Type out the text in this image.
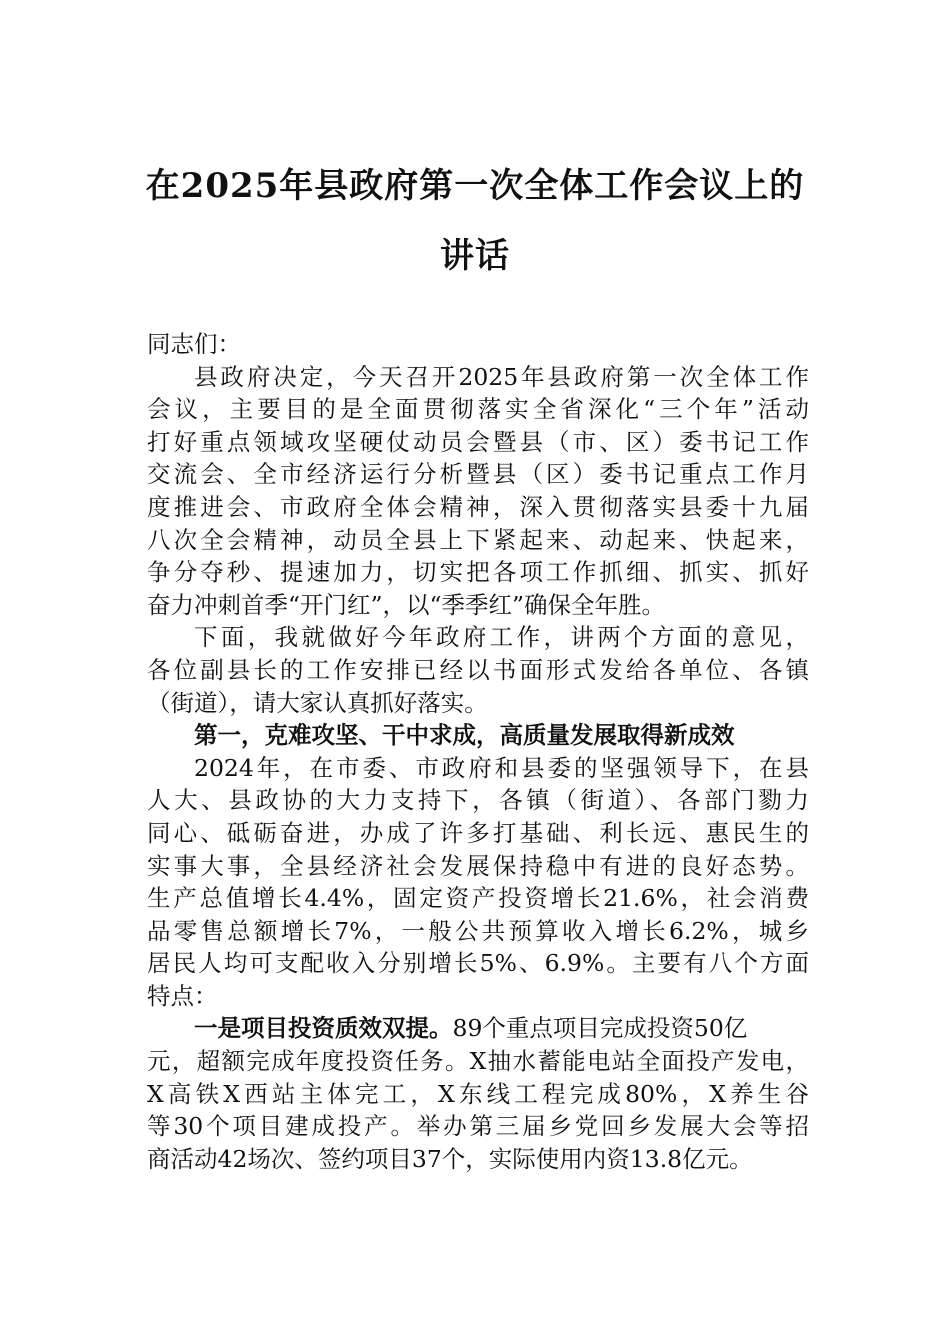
在2025年县政府第一次全体工作会议上的
讲话
同志们：
县政府决定，今天召开2025年县政府第一次全体工作
会议，主要目的是全面贯彻落实全省深化“三个年”活动
打好重点领域攻坚硬仗动员会暨县（市、区）委书记工作
交流会、全市经济运行分析暨县（区）委书记重点工作月
度推进会、市政府全体会精神，深入贯彻落实县委十九届
八次全会精神，动员全县上下紧起来、动起来、快起来，
争分夺秒、提速加力，切实把各项工作抓细、抓实、抓好
奋力冲刺首季“开门红”，以“季季红”确保全年胜。
下面，我就做好今年政府工作，讲两个方面的意见，
各位副县长的工作安排已经以书面形式发给各单位、各镇
（街道），请大家认真抓好落实。
第一，克难攻坚、干中求成，高质量发展取得新成效
2024年，在市委、市政府和县委的坚强领导下，在县
人大、县政协的大力支持下，各镇（街道）、各部门勠力
同心、砥砺奋进，办成了许多打基础、利长远、惠民生的
实事大事，全县经济社会发展保持稳中有进的良好态势。
生产总值增长4.4%，固定资产投资增长21.6%，社会消费
品零售总额增长7%，一般公共预算收入增长6.2%，城乡
居民人均可支配收入分别增长5%、6.9%。主要有八个方面
特点：
一是项目投资质效双提。89个重点项目完成投资50亿
元，超额完成年度投资任务。X抽水蓄能电站全面投产发电，
X高铁X西站主体完工，X东线工程完成80%，X养生谷
等30个项目建成投产。举办第三届乡党回乡发展大会等招
商活动42场次、签约项目37个，实际使用内资13.8亿元。
